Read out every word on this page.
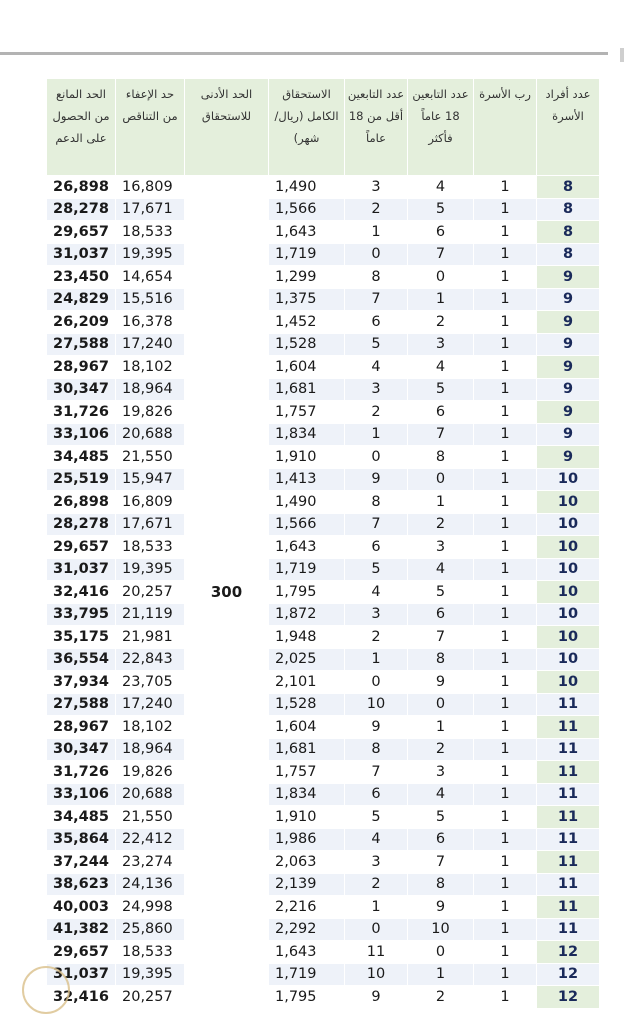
عدد أفراد الأسرة	رب الأسرة	عدد التابعين 18 عاماً فأكثر	عدد التابعين أقل من 18 عاماً	الاستحقاق الكامل (ريال/شهر)	الحد الأدنى للاستحقاق	حد الإعفاء من التناقص	الحد المانع من الحصول على الدعم
8	1	4	3	1,490	300	16,809	26,898
8	1	5	2	1,566		17,671	28,278
8	1	6	1	1,643		18,533	29,657
8	1	7	0	1,719		19,395	31,037
9	1	0	8	1,299		14,654	23,450
9	1	1	7	1,375		15,516	24,829
9	1	2	6	1,452		16,378	26,209
9	1	3	5	1,528		17,240	27,588
9	1	4	4	1,604		18,102	28,967
9	1	5	3	1,681		18,964	30,347
9	1	6	2	1,757		19,826	31,726
9	1	7	1	1,834		20,688	33,106
9	1	8	0	1,910		21,550	34,485
10	1	0	9	1,413		15,947	25,519
10	1	1	8	1,490		16,809	26,898
10	1	2	7	1,566		17,671	28,278
10	1	3	6	1,643		18,533	29,657
10	1	4	5	1,719		19,395	31,037
10	1	5	4	1,795		20,257	32,416
10	1	6	3	1,872		21,119	33,795
10	1	7	2	1,948		21,981	35,175
10	1	8	1	2,025		22,843	36,554
10	1	9	0	2,101		23,705	37,934
11	1	0	10	1,528		17,240	27,588
11	1	1	9	1,604		18,102	28,967
11	1	2	8	1,681		18,964	30,347
11	1	3	7	1,757		19,826	31,726
11	1	4	6	1,834		20,688	33,106
11	1	5	5	1,910		21,550	34,485
11	1	6	4	1,986		22,412	35,864
11	1	7	3	2,063		23,274	37,244
11	1	8	2	2,139		24,136	38,623
11	1	9	1	2,216		24,998	40,003
11	1	10	0	2,292		25,860	41,382
12	1	0	11	1,643		18,533	29,657
12	1	1	10	1,719		19,395	31,037
12	1	2	9	1,795		20,257	32,416
